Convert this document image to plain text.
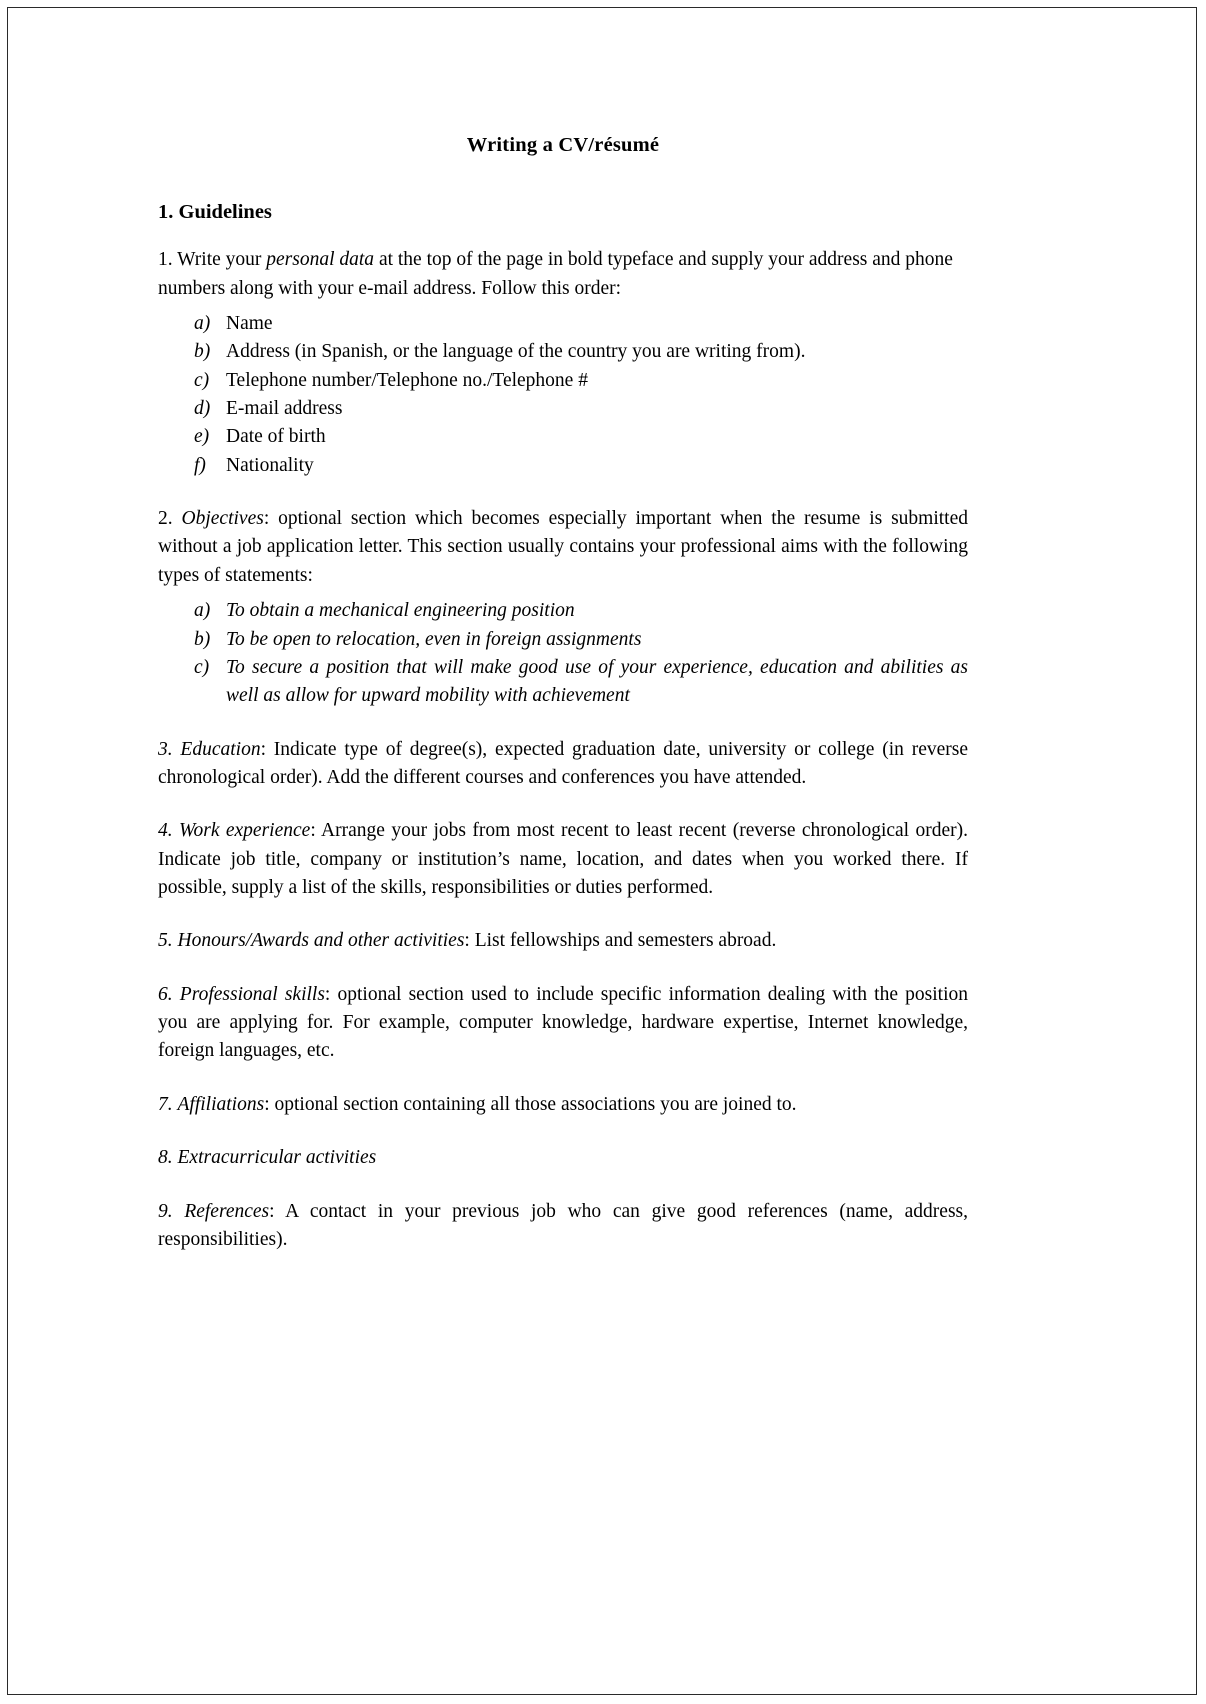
Writing a CV/résumé
1. Guidelines
1. Write your personal data at the top of the page in bold typeface and supply your address and phone numbers along with your e-mail address. Follow this order:
a) Name
b) Address (in Spanish, or the language of the country you are writing from).
c) Telephone number/Telephone no./Telephone #
d) E-mail address
e) Date of birth
f)	Nationality
2. Objectives: optional section which becomes especially important when the resume is submitted without a job application letter. This section usually contains your professional aims with the following types of statements:
a) To obtain a mechanical engineering position
b) To be open to relocation, even in foreign assignments
c) To secure a position that will make good use of your experience, education and abilities as well as allow for upward mobility with achievement
3. Education: Indicate type of degree(s), expected graduation date, university or college (in reverse chronological order). Add the different courses and conferences you have attended.
4. Work experience: Arrange your jobs from most recent to least recent (reverse chronological order). Indicate job title, company or institution’s name, location, and dates when you worked there. If possible, supply a list of the skills, responsibilities or duties performed.
5. Honours/Awards and other activities: List fellowships and semesters abroad.
6. Professional skills: optional section used to include specific information dealing with the position you are applying for. For example, computer knowledge, hardware expertise, Internet knowledge, foreign languages, etc.
7. Affiliations: optional section containing all those associations you are joined to.
8. Extracurricular activities
9. References: A contact in your previous job who can give good references (name, address, responsibilities).
